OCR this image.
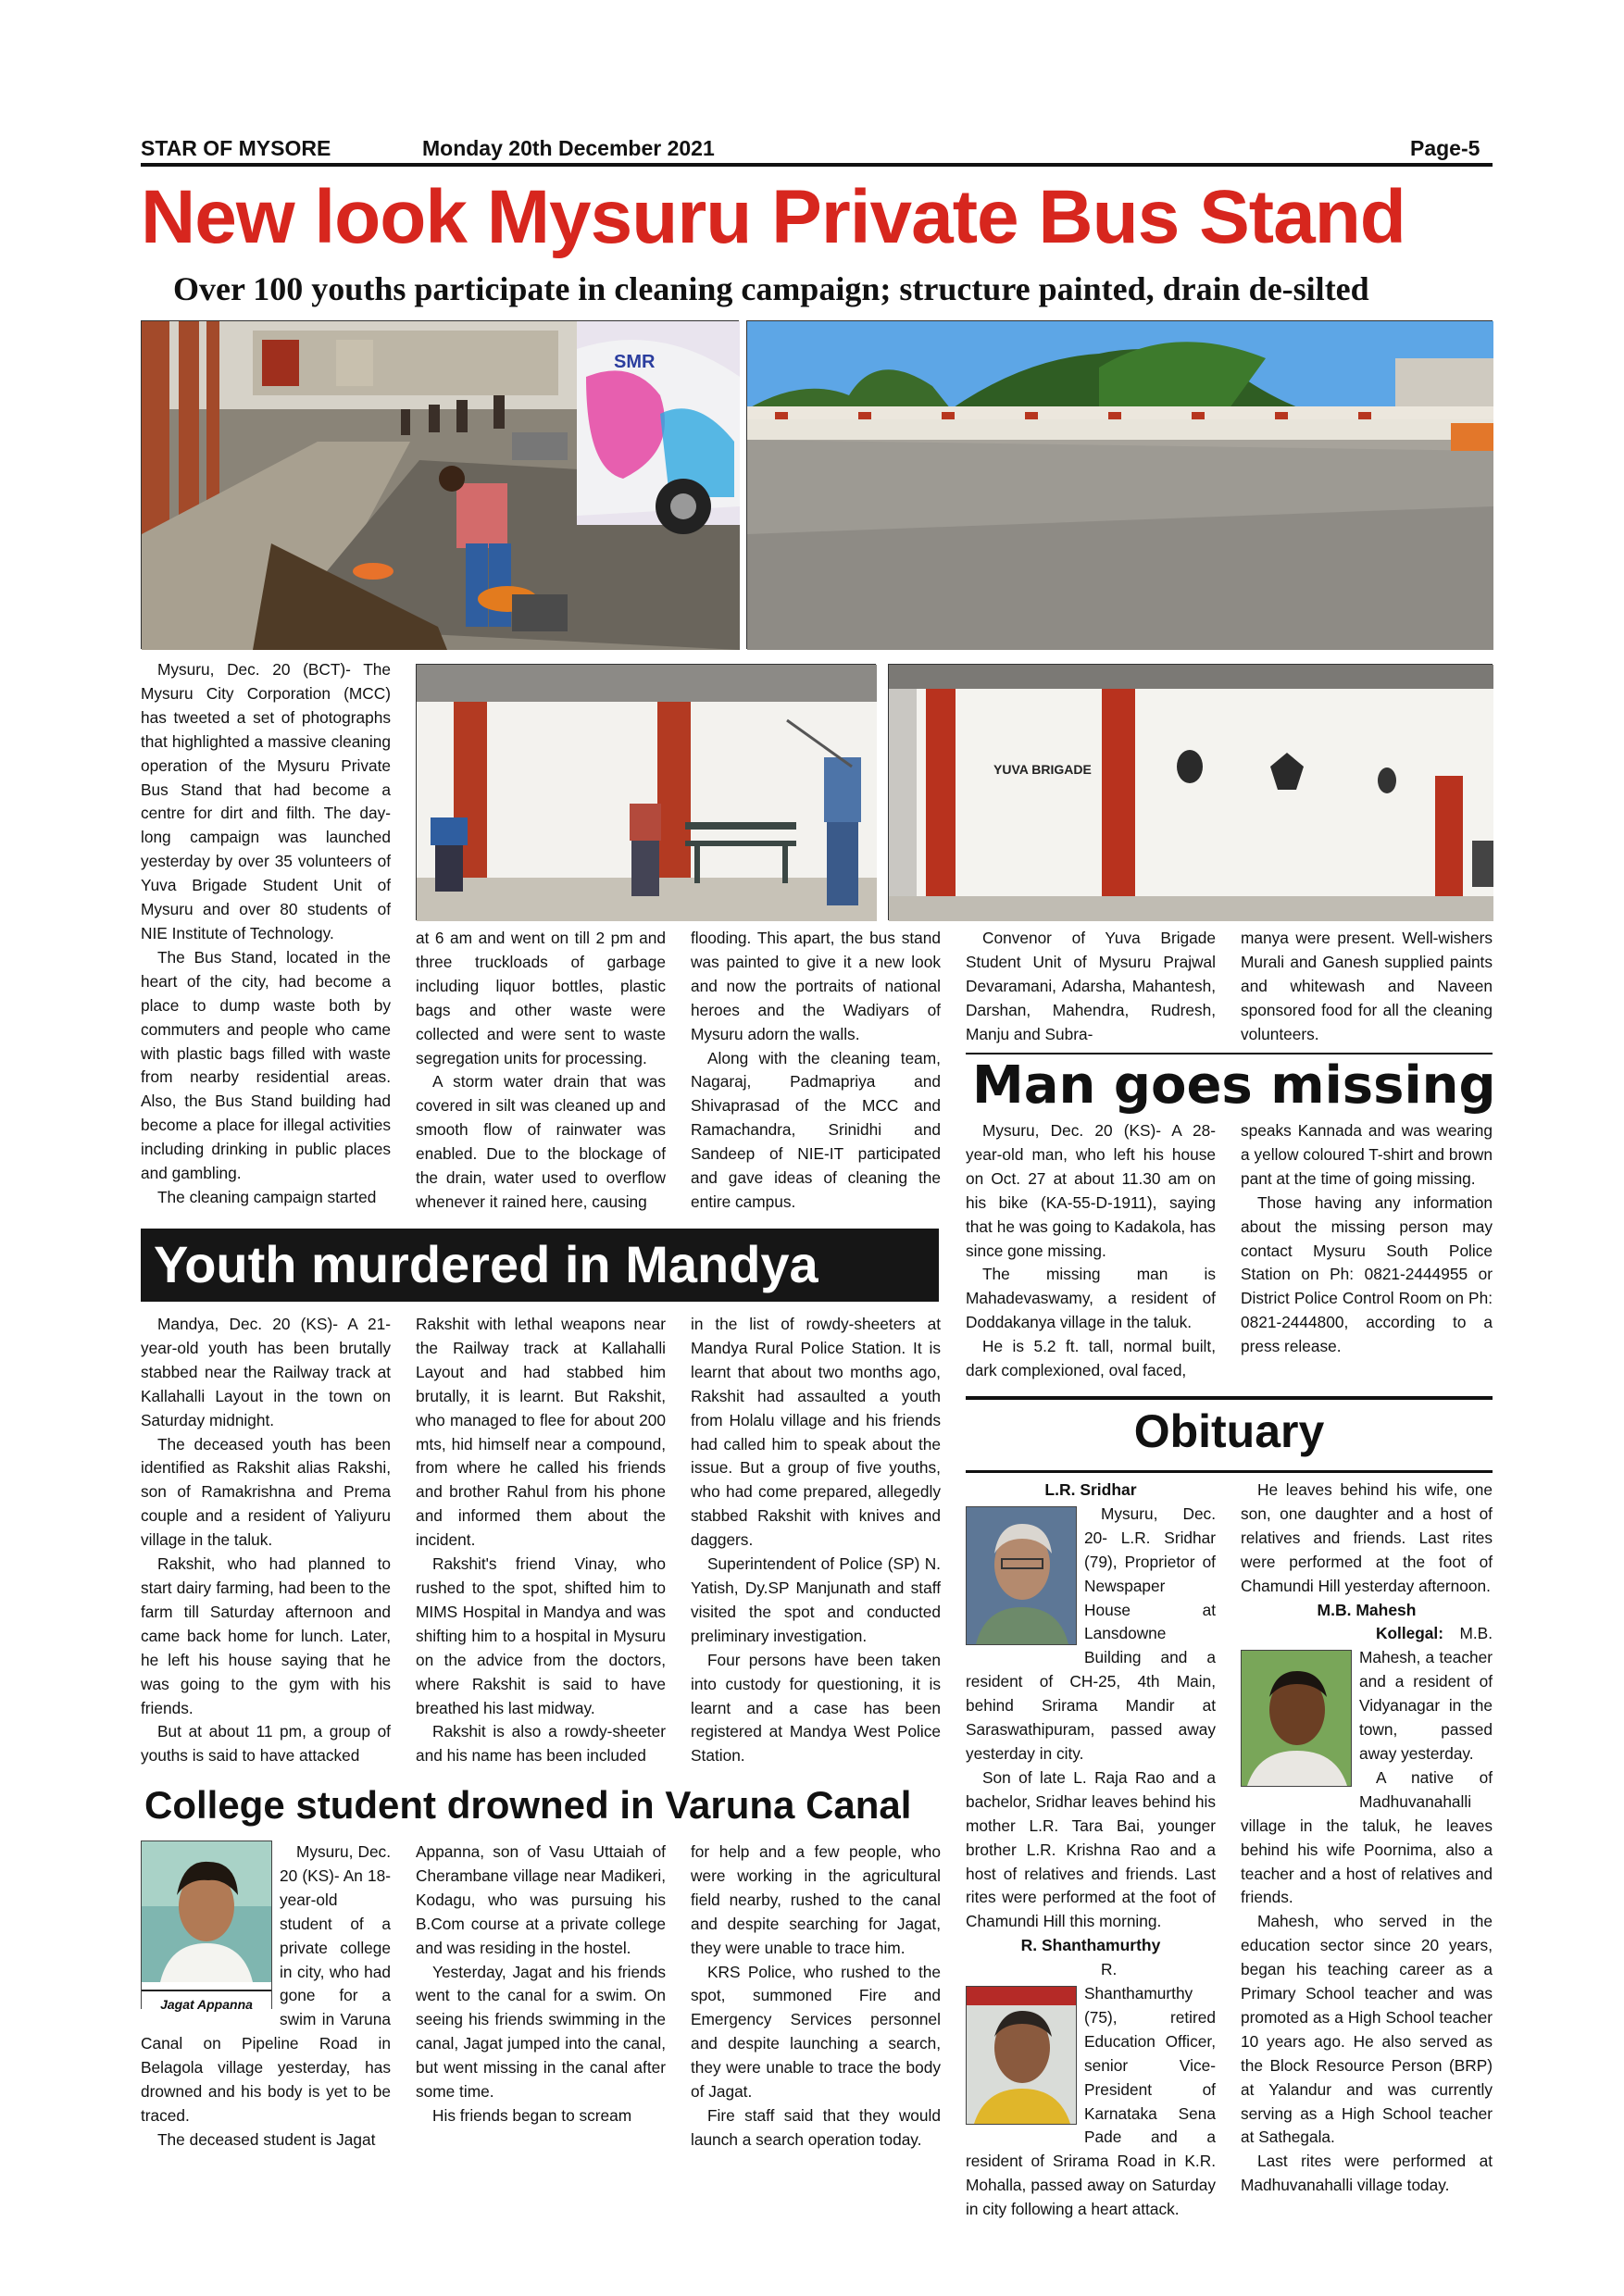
STAR OF MYSORE	Monday 20th December 2021	Page-5
New look Mysuru Private Bus Stand
Over 100 youths participate in cleaning campaign; structure painted, drain de-silted
SMR
YUVA BRIGADE

Mysuru, Dec. 20 (BCT)- The Mysuru City Corporation (MCC) has tweeted a set of photographs that highlighted a massive cleaning operation of the Mysuru Private Bus Stand that had become a centre for dirt and filth. The day-long campaign was launched yesterday by over 35 volunteers of Yuva Brigade Student Unit of Mysuru and over 80 students of NIE Institute of Technology.

The Bus Stand, located in the heart of the city, had become a place to dump waste both by commuters and people who came with plastic bags filled with waste from nearby residential areas. Also, the Bus Stand building had become a place for illegal activities including drinking in public places and gambling.

The cleaning campaign started

at 6 am and went on till 2 pm and three truckloads of garbage including liquor bottles, plastic bags and other waste were collected and were sent to waste segregation units for processing.

A storm water drain that was covered in silt was cleaned up and smooth flow of rainwater was enabled. Due to the blockage of the drain, water used to overflow whenever it rained here, causing

flooding. This apart, the bus stand was painted to give it a new look and now the portraits of national heroes and the Wadiyars of Mysuru adorn the walls.

Along with the cleaning team, Nagaraj, Padmapriya and Shivaprasad of the MCC and Ramachandra, Srinidhi and Sandeep of NIE-IT participated and gave ideas of cleaning the entire campus.

Convenor of Yuva Brigade Student Unit of Mysuru Prajwal Devaramani, Adarsha, Mahantesh, Darshan, Mahendra, Rudresh, Manju and Subra-

manya were present. Well-wishers Murali and Ganesh supplied paints and whitewash and Naveen sponsored food for all the cleaning volunteers.

Man goes missing

Mysuru, Dec. 20 (KS)- A 28-year-old man, who left his house on Oct. 27 at about 11.30 am on his bike (KA-55-D-1911), saying that he was going to Kadakola, has since gone missing.

The missing man is Mahadevaswamy, a resident of Doddakanya village in the taluk.

He is 5.2 ft. tall, normal built, dark complexioned, oval faced,

speaks Kannada and was wearing a yellow coloured T-shirt and brown pant at the time of going missing.

Those having any information about the missing person may contact Mysuru South Police Station on Ph: 0821-2444955 or District Police Control Room on Ph: 0821-2444800, according to a press release.

Youth murdered in Mandya

Mandya, Dec. 20 (KS)- A 21-year-old youth has been brutally stabbed near the Railway track at Kallahalli Layout in the town on Saturday midnight.

The deceased youth has been identified as Rakshit alias Rakshi, son of Ramakrishna and Prema couple and a resident of Yaliyuru village in the taluk.

Rakshit, who had planned to start dairy farming, had been to the farm till Saturday afternoon and came back home for lunch. Later, he left his house saying that he was going to the gym with his friends.

But at about 11 pm, a group of youths is said to have attacked

Rakshit with lethal weapons near the Railway track at Kallahalli Layout and had stabbed him brutally, it is learnt. But Rakshit, who managed to flee for about 200 mts, hid himself near a compound, from where he called his friends and brother Rahul from his phone and informed them about the incident.

Rakshit's friend Vinay, who rushed to the spot, shifted him to MIMS Hospital in Mandya and was shifting him to a hospital in Mysuru on the advice from the doctors, where Rakshit is said to have breathed his last midway.

Rakshit is also a rowdy-sheeter and his name has been included

in the list of rowdy-sheeters at Mandya Rural Police Station. It is learnt that about two months ago, Rakshit had assaulted a youth from Holalu village and his friends had called him to speak about the issue. But a group of five youths, who had come prepared, allegedly stabbed Rakshit with knives and daggers.

Superintendent of Police (SP) N. Yatish, Dy.SP Manjunath and staff visited the spot and conducted preliminary investigation.

Four persons have been taken into custody for questioning, it is learnt and a case has been registered at Mandya West Police Station.

College student drowned in Varuna Canal
Jagat Appanna

Mysuru, Dec. 20 (KS)- An 18-year-old student of a private college in city, who had gone for a swim in Varuna Canal on Pipeline Road in Belagola village yesterday, has drowned and his body is yet to be traced.

The deceased student is Jagat

Appanna, son of Vasu Uttaiah of Cherambane village near Madikeri, Kodagu, who was pursuing his B.Com course at a private college and was residing in the hostel.

Yesterday, Jagat and his friends went to the canal for a swim. On seeing his friends swimming in the canal, Jagat jumped into the canal, but went missing in the canal after some time.

His friends began to scream

for help and a few people, who were working in the agricultural field nearby, rushed to the canal and despite searching for Jagat, they were unable to trace him.

KRS Police, who rushed to the spot, summoned Fire and Emergency Services personnel and despite launching a search, they were unable to trace the body of Jagat.

Fire staff said that they would launch a search operation today.

Obituary
L.R. Sridhar

Mysuru, Dec. 20- L.R. Sridhar (79), Proprietor of Newspaper House at Lansdowne Building and a resident of CH-25, 4th Main, behind Srirama Mandir at Saraswathipuram, passed away yesterday in city.

Son of late L. Raja Rao and a bachelor, Sridhar leaves behind his mother L.R. Tara Bai, younger brother L.R. Krishna Rao and a host of relatives and friends. Last rites were performed at the foot of Chamundi Hill this morning.

R. Shanthamurthy

R. Shanthamurthy (75), retired Education Officer, senior Vice-President of Karnataka Sena Pade and a resident of Srirama Road in K.R. Mohalla, passed away on Saturday in city following a heart attack.

He leaves behind his wife, one son, one daughter and a host of relatives and friends. Last rites were performed at the foot of Chamundi Hill yesterday afternoon.

M.B. Mahesh

Kollegal: M.B. Mahesh, a teacher and a resident of Vidyanagar in the town, passed away yesterday.

A native of Madhuvanahalli village in the taluk, he leaves behind his wife Poornima, also a teacher and a host of relatives and friends.

Mahesh, who served in the education sector since 20 years, began his teaching career as a Primary School teacher and was promoted as a High School teacher 10 years ago. He also served as the Block Resource Person (BRP) at Yalandur and was currently serving as a High School teacher at Sathegala.

Last rites were performed at Madhuvanahalli village today.
